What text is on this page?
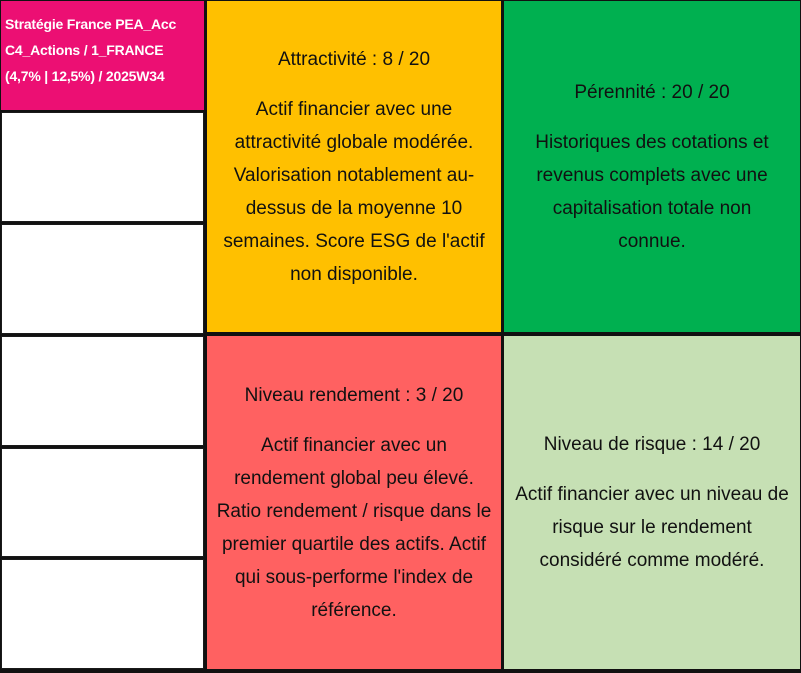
Stratégie France PEA_Acc
C4_Actions / 1_FRANCE
(4,7% | 12,5%) / 2025W34
Attractivité : 8 / 20
Actif financier avec une
attractivité globale modérée.
Valorisation notablement au-
dessus de la moyenne 10
semaines. Score ESG de l'actif
non disponible.
Pérennité : 20 / 20
Historiques des cotations et
revenus complets avec une
capitalisation totale non
connue.
Niveau rendement : 3 / 20
Actif financier avec un
rendement global peu élevé.
Ratio rendement / risque dans le
premier quartile des actifs. Actif
qui sous-performe l'index de
référence.
Niveau de risque : 14 / 20
Actif financier avec un niveau de
risque sur le rendement
considéré comme modéré.
